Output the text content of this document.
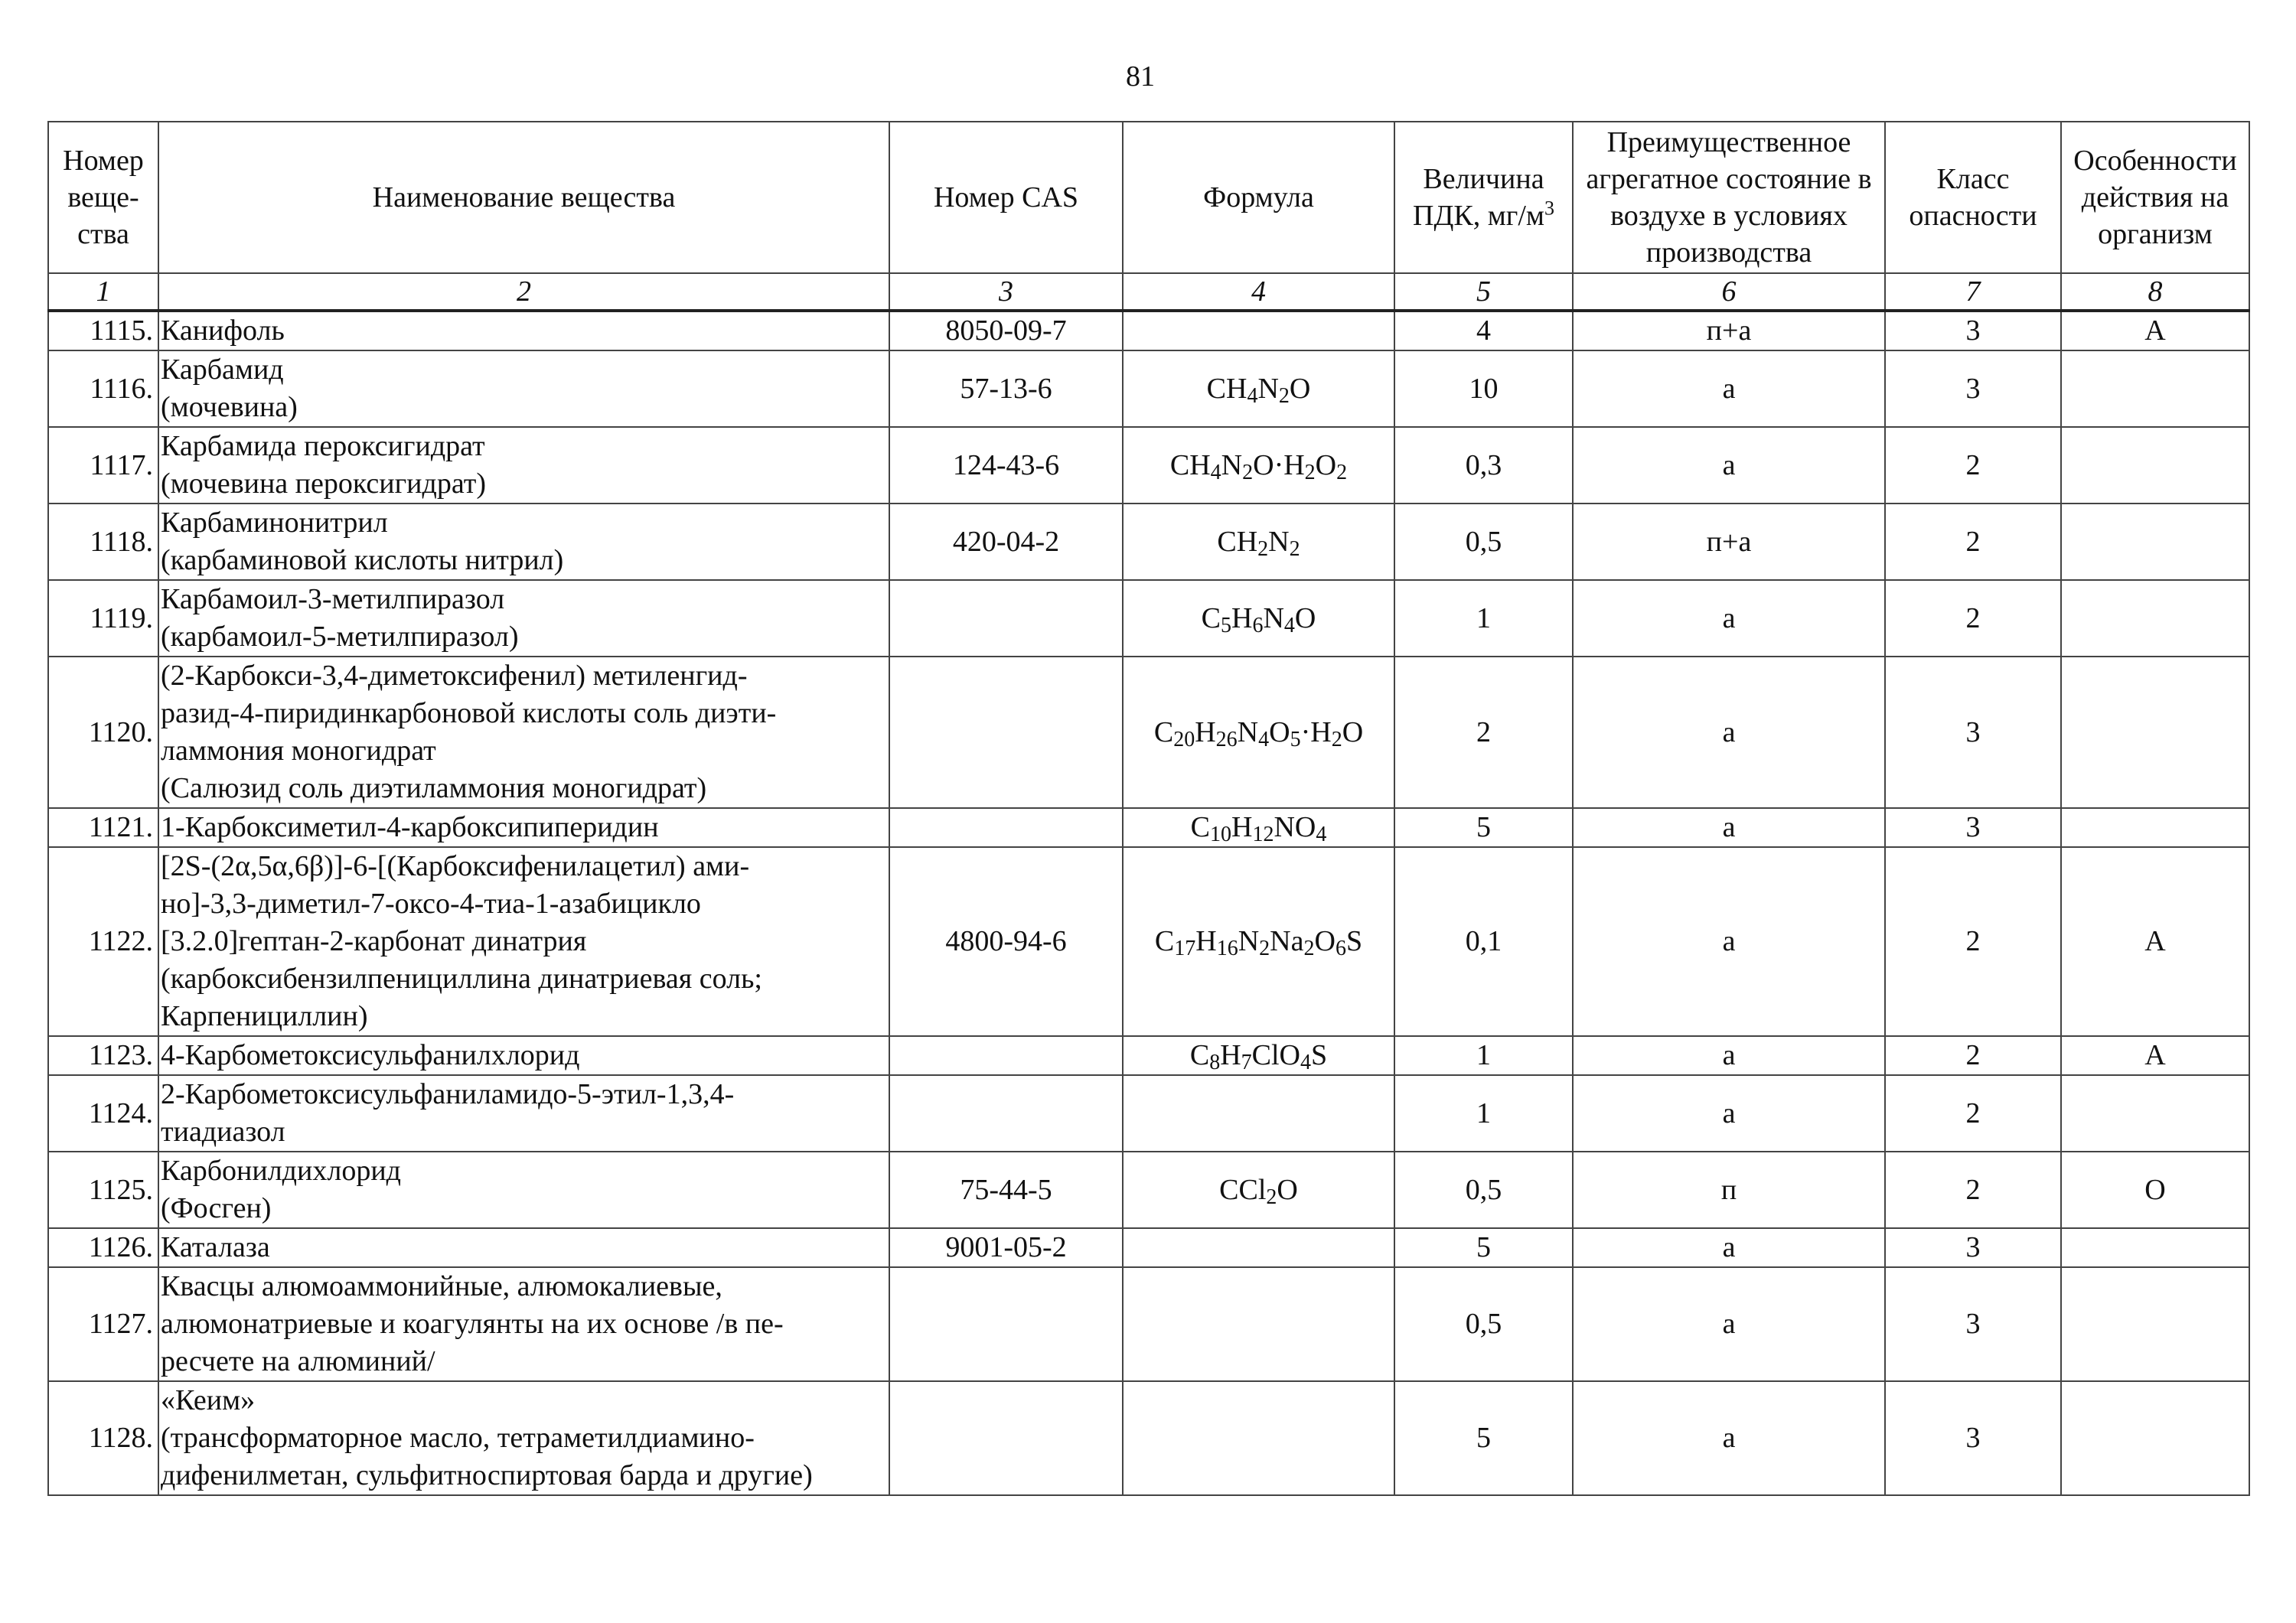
81
Номер веще-ства	Наименование вещества	Номер CAS	Формула	Величина ПДК, $мг/м^3$	Преимущественное агрегатное состояние в воздухе в условиях производства	Класс опасности	Особенности действия на организм
1	2	3	4	5	6	7	8
1115.	Канифоль	8050-09-7		4	п+а	3	А
1116.	Карбамид
(мочевина)	57-13-6	$CH_4N_2O$	10	а	3	
1117.	Карбамида пероксигидрат
(мочевина пероксигидрат)	124-43-6	$CH_4N_2O\cdot H_2O_2$	0,3	а	2	
1118.	Карбаминонитрил
(карбаминовой кислоты нитрил)	420-04-2	$CH_2N_2$	0,5	п+а	2	
1119.	Карбамоил-3-метилпиразол
(карбамоил-5-метилпиразол)		$C_5H_6N_4O$	1	а	2	
1120.	(2-Карбокси-3,4-диметоксифенил) метиленгид-
разид-4-пиридинкарбоновой кислоты соль диэти-
ламмония моногидрат
(Салюзид соль диэтиламмония моногидрат)		$C_{20}H_{26}N_4O_5\cdot H_2O$	2	а	3	
1121.	1-Карбоксиметил-4-карбоксипиперидин		$C_{10}H_{12}NO_4$	5	а	3	
1122.	[2S-(2α,5α,6β)]-6-[(Карбоксифенилацетил) ами-
но]-3,3-диметил-7-оксо-4-тиа-1-азабицикло
[3.2.0]гептан-2-карбонат динатрия
(карбоксибензилпенициллина динатриевая соль;
Карпенициллин)	4800-94-6	$C_{17}H_{16}N_2Na_2O_6S$	0,1	а	2	А
1123.	4-Карбометоксисульфанилхлорид		$C_8H_7ClO_4S$	1	а	2	А
1124.	2-Карбометоксисульфаниламидо-5-этил-1,3,4-
тиадиазол			1	а	2	
1125.	Карбонилдихлорид
(Фосген)	75-44-5	CCl$_2$O	0,5	п	2	О
1126.	Каталаза	9001-05-2		5	а	3	
1127.	Квасцы алюмоаммонийные, алюмокалиевые,
алюмонатриевые и коагулянты на их основе /в пе-
ресчете на алюминий/			0,5	а	3	
1128.	«Кеим»
(трансформаторное масло, тетраметилдиамино-
дифенилметан, сульфитноспиртовая барда и другие)			5	а	3	
